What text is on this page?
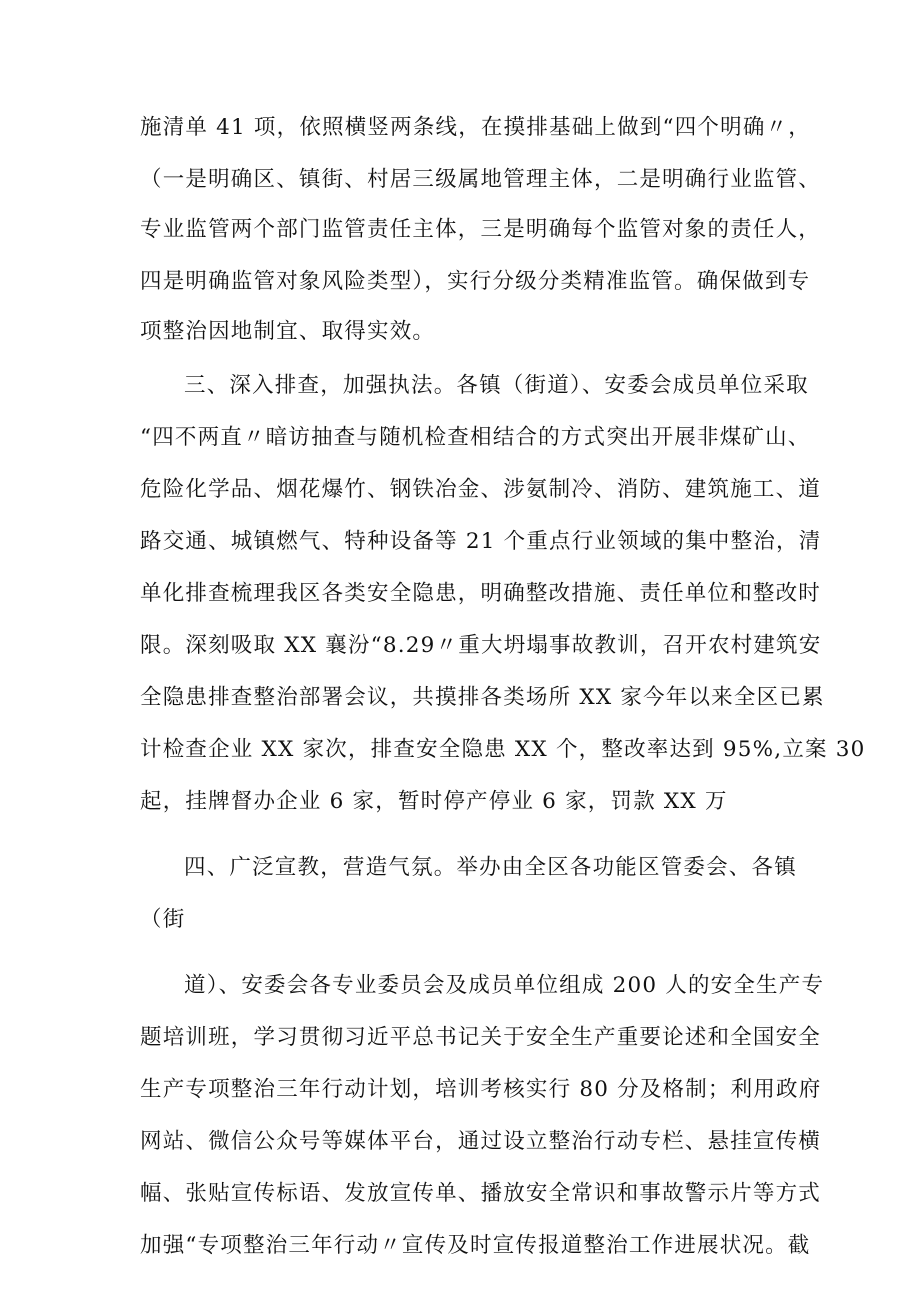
施清单 41 项，依照横竖两条线，在摸排基础上做到“四个明确〃，
（一是明确区、镇街、村居三级属地管理主体，二是明确行业监管、
专业监管两个部门监管责任主体，三是明确每个监管对象的责任人，
四是明确监管对象风险类型），实行分级分类精准监管。确保做到专
项整治因地制宜、取得实效。
三、深入排查，加强执法。各镇（街道）、安委会成员单位采取
“四不两直〃暗访抽查与随机检查相结合的方式突出开展非煤矿山、
危险化学品、烟花爆竹、钢铁冶金、涉氨制冷、消防、建筑施工、道
路交通、城镇燃气、特种设备等 21 个重点行业领域的集中整治，清
单化排查梳理我区各类安全隐患，明确整改措施、责任单位和整改时
限。深刻吸取 XX 襄汾“8.29〃重大坍塌事故教训，召开农村建筑安
全隐患排查整治部署会议，共摸排各类场所 XX 家今年以来全区已累
计检查企业 XX 家次，排查安全隐患 XX 个，整改率达到 95%,立案 30
起，挂牌督办企业 6 家，暂时停产停业 6 家，罚款 XX 万
四、广泛宣教，营造气氛。举办由全区各功能区管委会、各镇
（街
道）、安委会各专业委员会及成员单位组成 200 人的安全生产专
题培训班，学习贯彻习近平总书记关于安全生产重要论述和全国安全
生产专项整治三年行动计划，培训考核实行 80 分及格制；利用政府
网站、微信公众号等媒体平台，通过设立整治行动专栏、悬挂宣传横
幅、张贴宣传标语、发放宣传单、播放安全常识和事故警示片等方式
加强“专项整治三年行动〃宣传及时宣传报道整治工作进展状况。截
